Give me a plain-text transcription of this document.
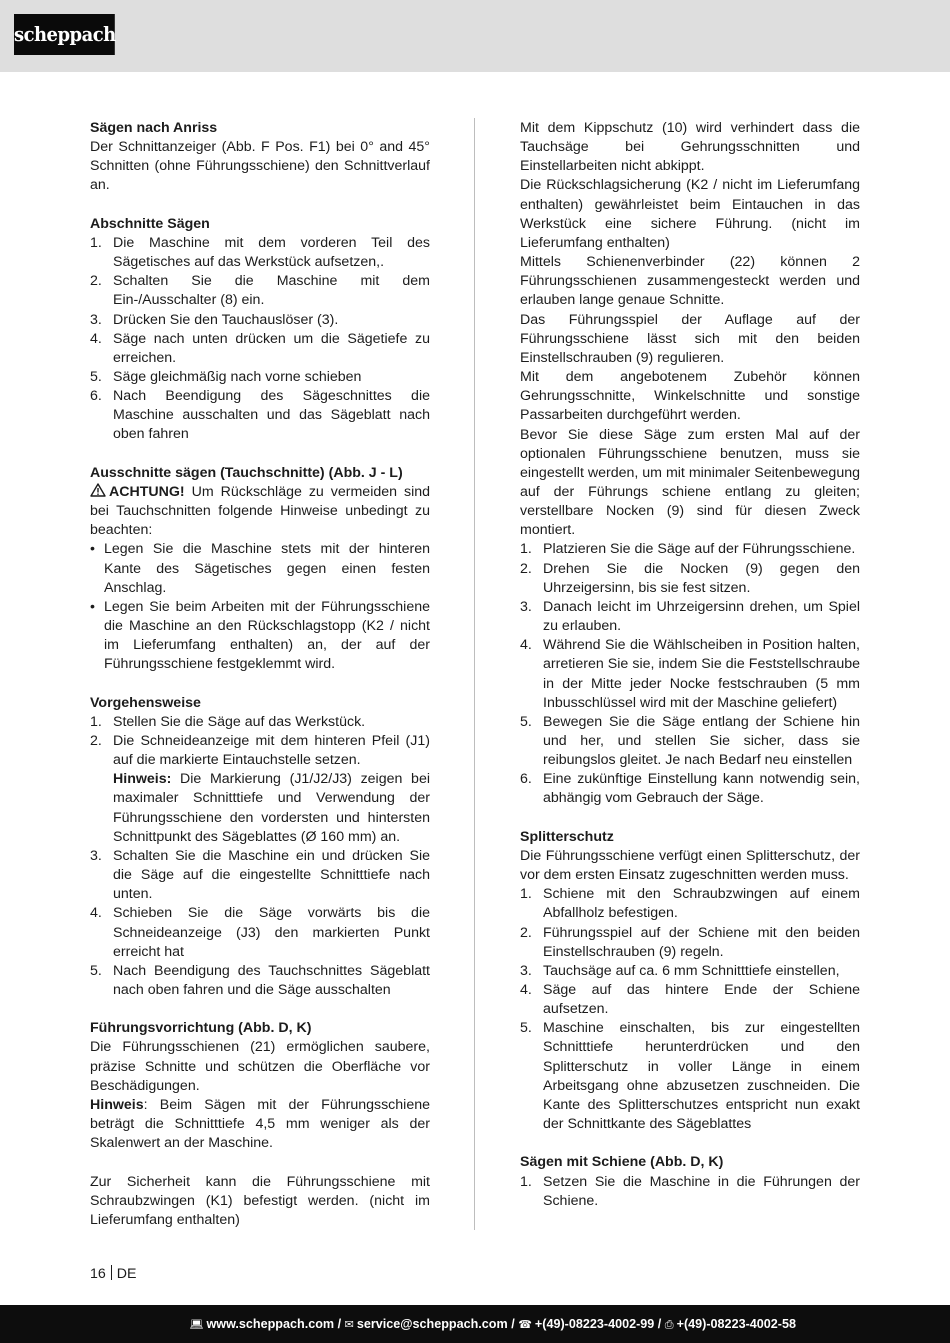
scheppach

Sägen nach Anriss

Der Schnittanzeiger (Abb. F Pos. F1) bei 0° and 45° Schnitten (ohne Führungsschiene) den Schnittverlauf an.

Abschnitte Sägen

1. Die Maschine mit dem vorderen Teil des Sägetisches auf das Werkstück aufsetzen,.
2. Schalten Sie die Maschine mit dem Ein-/Ausschalter (8) ein.
3. Drücken Sie den Tauchauslöser (3).
4. Säge nach unten drücken um die Sägetiefe zu erreichen.
5. Säge gleichmäßig nach vorne schieben
6. Nach Beendigung des Sägeschnittes die Maschine ausschalten und das Sägeblatt nach oben fahren

Ausschnitte sägen (Tauchschnitte) (Abb. J - L)

ACHTUNG! Um Rückschläge zu vermeiden sind bei Tauchschnitten folgende Hinweise unbedingt zu beachten:

• Legen Sie die Maschine stets mit der hinteren Kante des Sägetisches gegen einen festen Anschlag.
• Legen Sie beim Arbeiten mit der Führungsschiene die Maschine an den Rückschlagstopp (K2 / nicht im Lieferumfang enthalten) an, der auf der Führungsschiene festgeklemmt wird.

Vorgehensweise

1. Stellen Sie die Säge auf das Werkstück.
2. Die Schneideanzeige mit dem hinteren Pfeil (J1) auf die markierte Eintauchstelle setzen.
Hinweis: Die Markierung (J1/J2/J3) zeigen bei maximaler Schnitttiefe und Verwendung der Führungsschiene den vordersten und hintersten Schnittpunkt des Sägeblattes (Ø 160 mm) an.
3. Schalten Sie die Maschine ein und drücken Sie die Säge auf die eingestellte Schnitttiefe nach unten.
4. Schieben Sie die Säge vorwärts bis die Schneideanzeige (J3) den markierten Punkt erreicht hat
5. Nach Beendigung des Tauchschnittes Sägeblatt nach oben fahren und die Säge ausschalten

Führungsvorrichtung (Abb. D, K)

Die Führungsschienen (21) ermöglichen saubere, präzise Schnitte und schützen die Oberfläche vor Beschädigungen.

Hinweis: Beim Sägen mit der Führungsschiene beträgt die Schnitttiefe 4,5 mm weniger als der Skalenwert an der Maschine.

Zur Sicherheit kann die Führungsschiene mit Schraubzwingen (K1) befestigt werden. (nicht im Lieferumfang enthalten)

Mit dem Kippschutz (10) wird verhindert dass die Tauchsäge bei Gehrungsschnitten und Einstellarbeiten nicht abkippt.

Die Rückschlagsicherung (K2 / nicht im Lieferumfang enthalten) gewährleistet beim Eintauchen in das Werkstück eine sichere Führung. (nicht im Lieferumfang enthalten)

Mittels Schienenverbinder (22) können 2 Führungsschienen zusammengesteckt werden und erlauben lange genaue Schnitte.

Das Führungsspiel der Auflage auf der Führungsschiene lässt sich mit den beiden Einstellschrauben (9) regulieren.

Mit dem angebotenem Zubehör können Gehrungsschnitte, Winkelschnitte und sonstige Passarbeiten durchgeführt werden.

Bevor Sie diese Säge zum ersten Mal auf der optionalen Führungsschiene benutzen, muss sie eingestellt werden, um mit minimaler Seitenbewegung auf der Führungs schiene entlang zu gleiten; verstellbare Nocken (9) sind für diesen Zweck montiert.

1. Platzieren Sie die Säge auf der Führungsschiene.
2. Drehen Sie die Nocken (9) gegen den Uhrzeigersinn, bis sie fest sitzen.
3. Danach leicht im Uhrzeigersinn drehen, um Spiel zu erlauben.
4. Während Sie die Wählscheiben in Position halten, arretieren Sie sie, indem Sie die Feststellschraube in der Mitte jeder Nocke festschrauben (5 mm Inbusschlüssel wird mit der Maschine geliefert)
5. Bewegen Sie die Säge entlang der Schiene hin und her, und stellen Sie sicher, dass sie reibungslos gleitet. Je nach Bedarf neu einstellen
6. Eine zukünftige Einstellung kann notwendig sein, abhängig vom Gebrauch der Säge.

Splitterschutz

Die Führungsschiene verfügt einen Splitterschutz, der vor dem ersten Einsatz zugeschnitten werden muss.

1. Schiene mit den Schraubzwingen auf einem Abfallholz befestigen.
2. Führungsspiel auf der Schiene mit den beiden Einstellschrauben (9) regeln.
3. Tauchsäge auf ca. 6 mm Schnitttiefe einstellen,
4. Säge auf das hintere Ende der Schiene aufsetzen.
5. Maschine einschalten, bis zur eingestellten Schnitttiefe herunterdrücken und den Splitterschutz in voller Länge in einem Arbeitsgang ohne abzusetzen zuschneiden. Die Kante des Splitterschutzes entspricht nun exakt der Schnittkante des Sägeblattes

Sägen mit Schiene (Abb. D, K)

1. Setzen Sie die Maschine in die Führungen der Schiene.
16 DE
💻︎ www.scheppach.com / ✉︎ service@scheppach.com / ☎︎ +(49)-08223-4002-99 / ⎙ +(49)-08223-4002-58
